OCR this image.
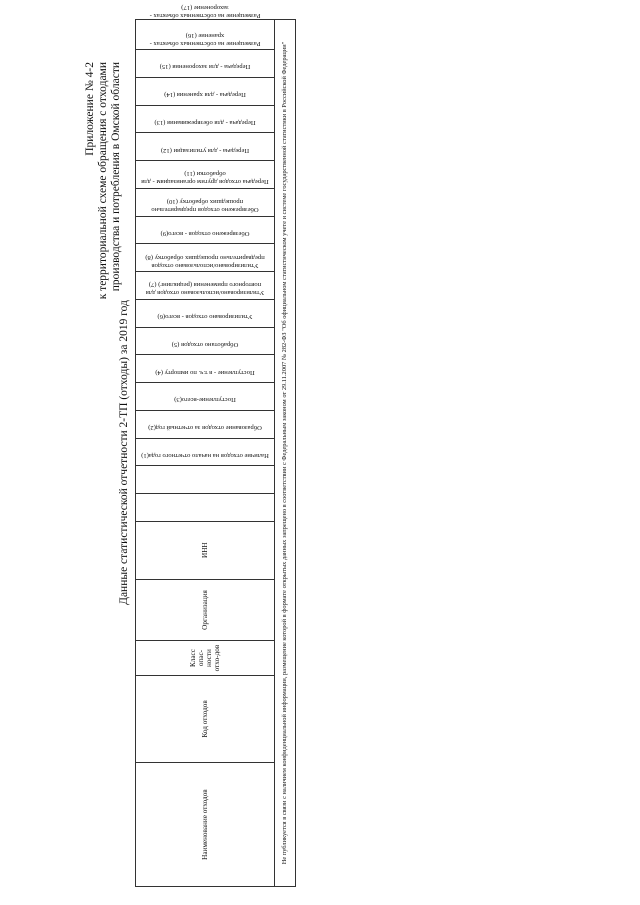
Приложение № 4-2 к территориальной схеме обращения с отходами производства и потребления в Омской области
Данные статистической отчетности 2-ТП (отходы) за 2019 год
Наименование отходов	Код отходов	Класс опас-ности отхо-дов	Организация	ИНН	Наличие отходов на начало отчетного года(1)	Образование отходов за отчетный год(2)	Поступление-всего(3)	Поступление - в т.ч. по импорту (4)	Обработано отходов (5)	Утилизировано отходов - всего(6)	Утилизировано/использовано отходов для повторного применения (рециклинг) (7)	Утилизировано/использовано отходов предварительно прошедших обработку (8)	Обезврежено отходов - всего(9)	Обезврежено отходов предварительно прошедших обработку (10)	Передача отходов другим организациям - для обработки (11)	Передача - для утилизации (12)	Передача - для обезвреживания (13)	Передача - для хранения (14)	Передача - для захоронения (15)	Размещение на собственных объектах - хранение (16)	Размещение на собственных объектах - захоронение (17)	
Не публикуется в связи с наличием конфиденциальной информации, размещение которой в формате открытых данных запрещено в соответствии с Федеральным законом от 29.11.2007 № 282-ФЗ "Об официальном статистическом учете и системе государственной статистики в Российской Федерации"
